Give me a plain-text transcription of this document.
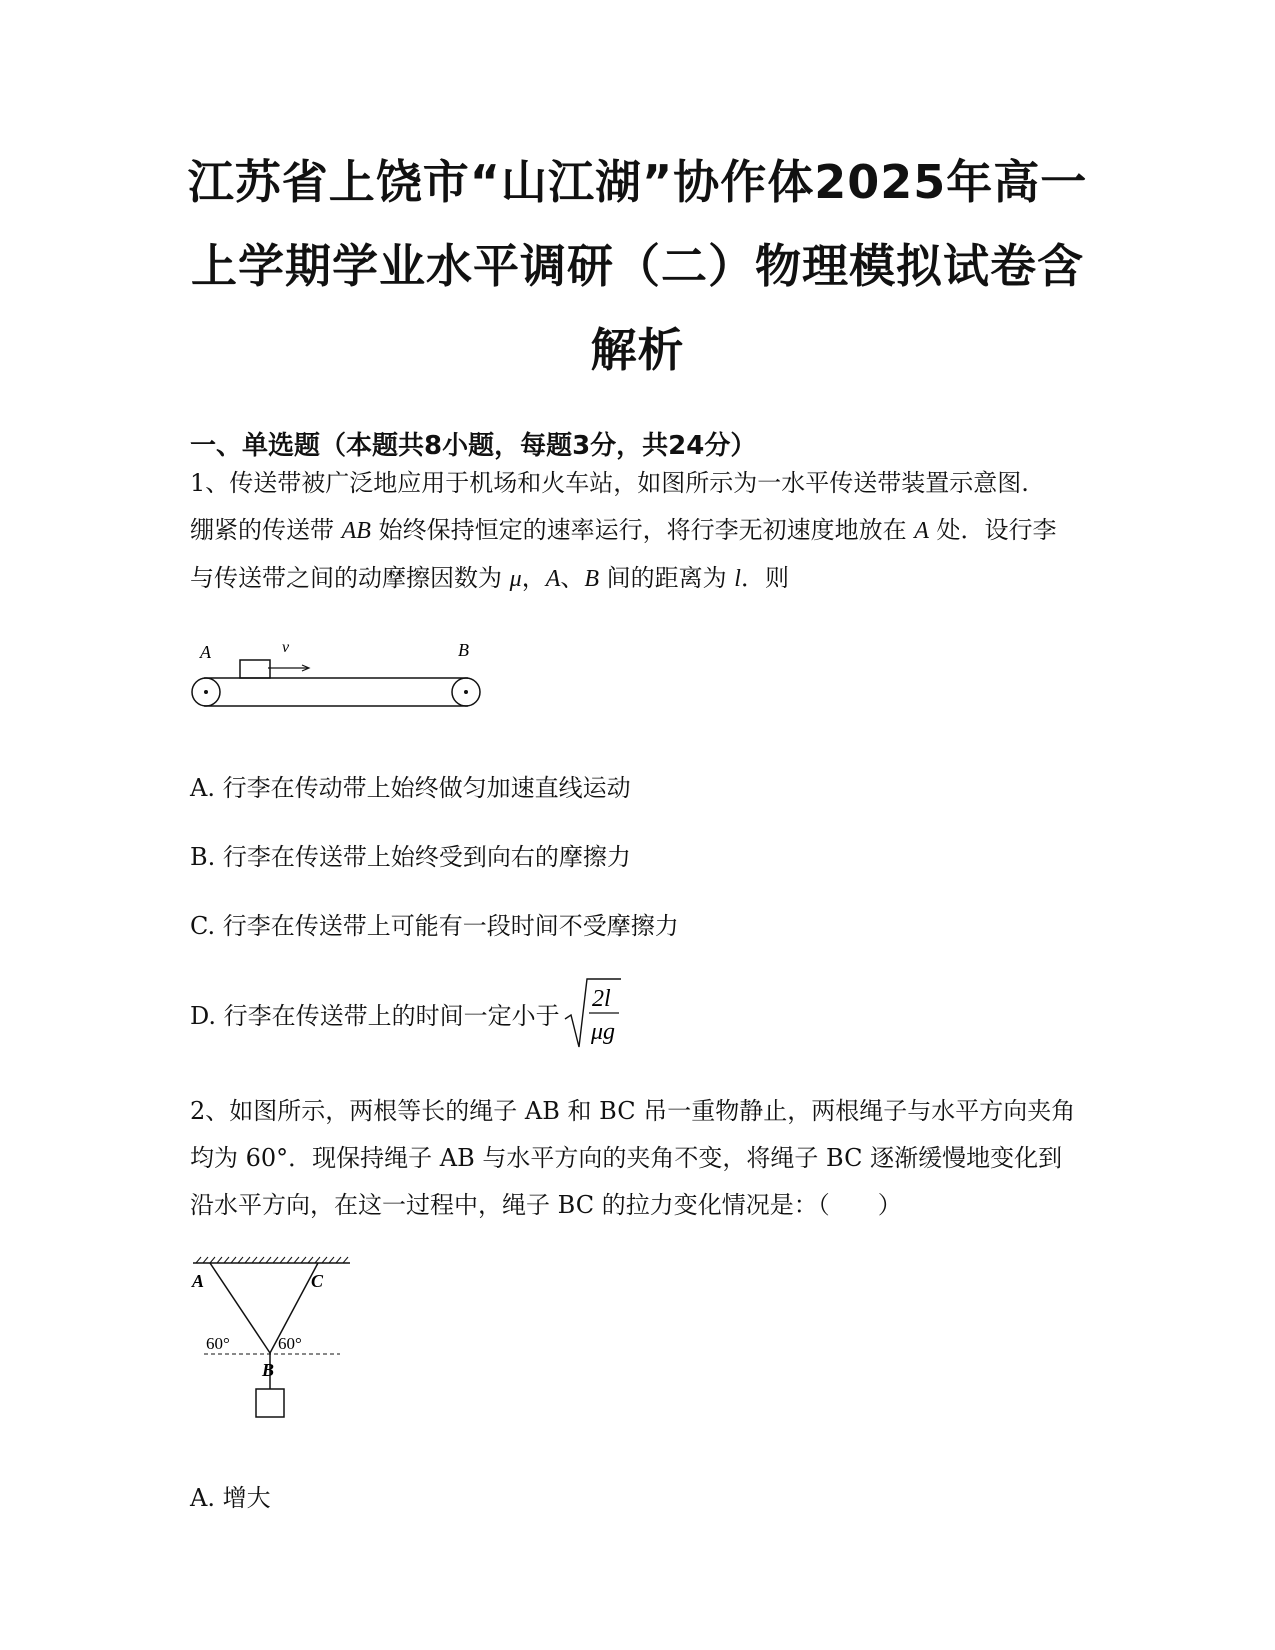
江苏省上饶市“山江湖”协作体2025年高一
上学期学业水平调研（二）物理模拟试卷含
解析
一、单选题（本题共8小题，每题3分，共24分）
1、传送带被广泛地应用于机场和火车站，如图所示为一水平传送带装置示意图.
绷紧的传送带 AB 始终保持恒定的速率运行，将行李无初速度地放在 A 处．设行李
与传送带之间的动摩擦因数为 μ，A、B 间的距离为 l．则
A	B
v
A. 行李在传动带上始终做匀加速直线运动
B. 行李在传送带上始终受到向右的摩擦力
C. 行李在传送带上可能有一段时间不受摩擦力
D. 行李在传送带上的时间一定小于
2l
μg
2、如图所示，两根等长的绳子 AB 和 BC 吊一重物静止，两根绳子与水平方向夹角
均为 60°．现保持绳子 AB 与水平方向的夹角不变，将绳子 BC 逐渐缓慢地变化到
沿水平方向，在这一过程中，绳子 BC 的拉力变化情况是：（　　）
A	C
B
60°	60°
A. 增大
